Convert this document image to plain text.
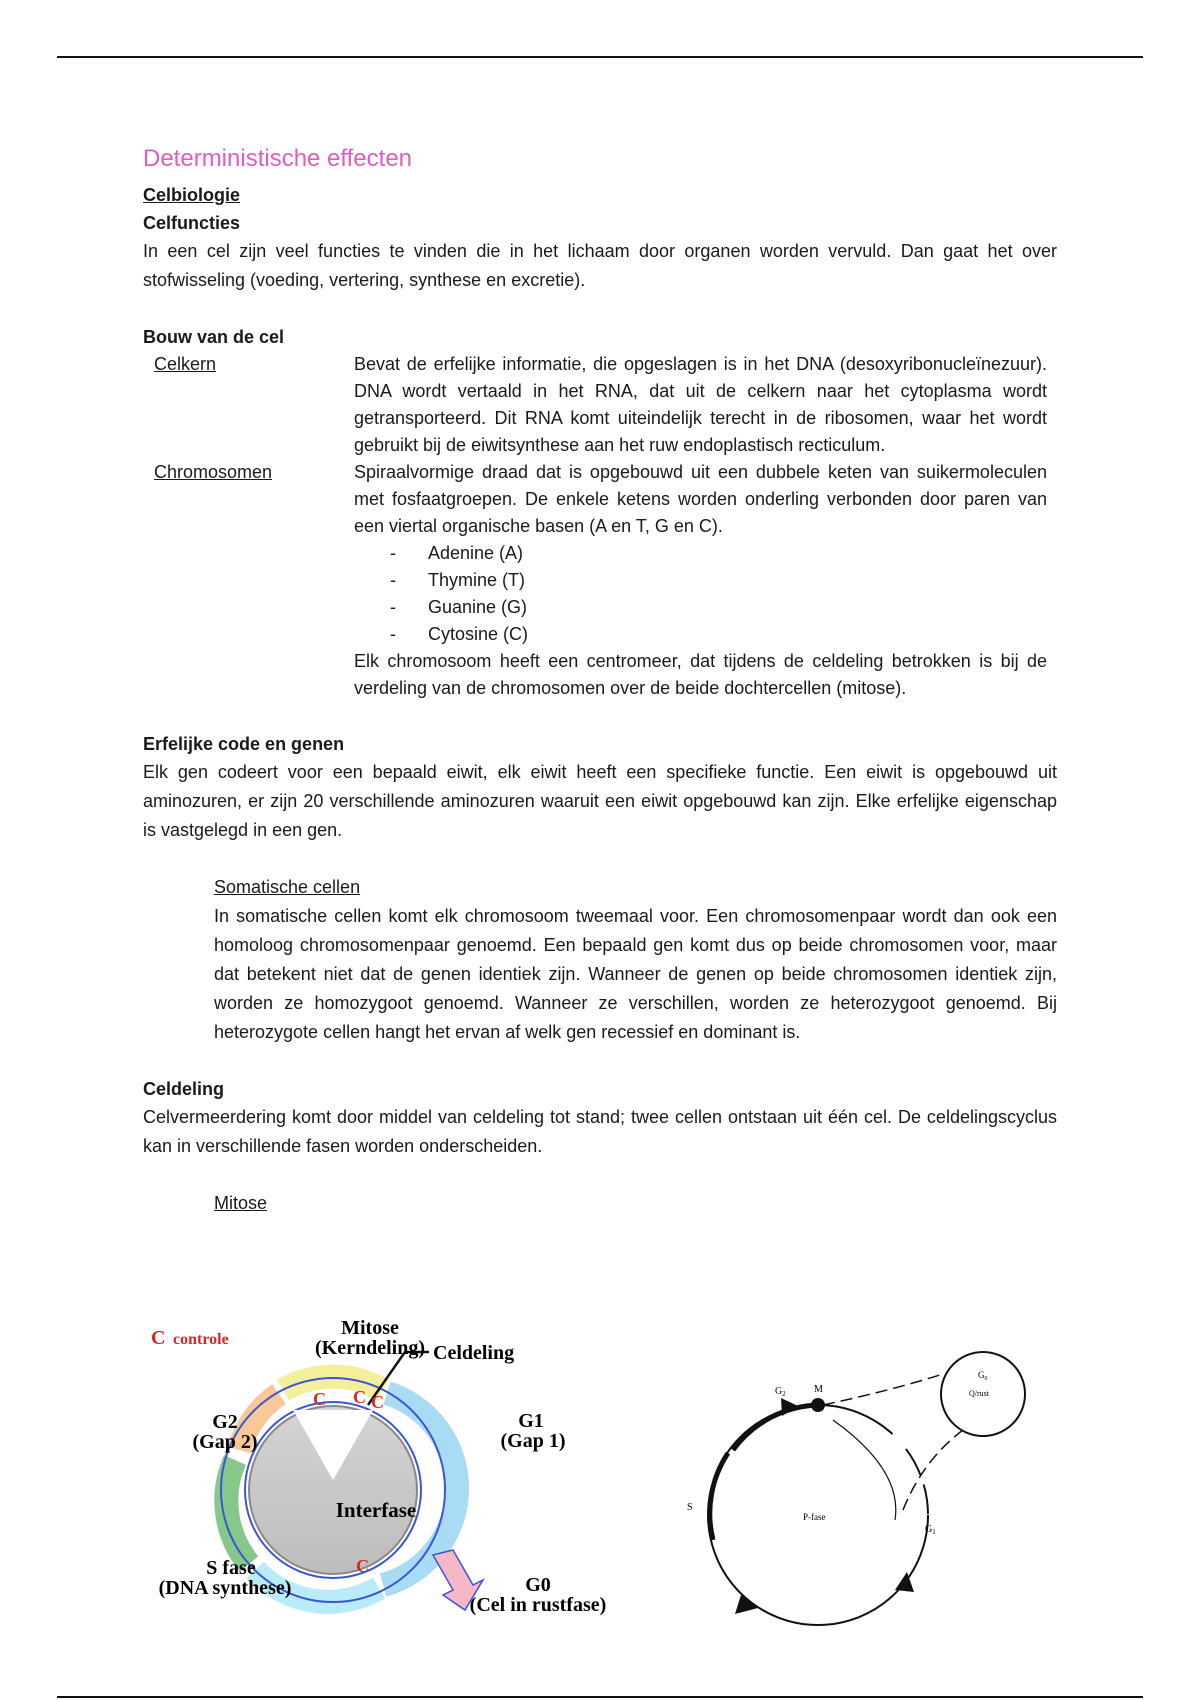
Deterministische effecten
Celbiologie
Celfuncties

In een cel zijn veel functies te vinden die in het lichaam door organen worden vervuld. Dan gaat het over stofwisseling (voeding, vertering, synthese en excretie).

Bouw van de cel
Celkern	Bevat de erfelijke informatie, die opgeslagen is in het DNA (desoxyribonucleïnezuur). DNA wordt vertaald in het RNA, dat uit de celkern naar het cytoplasma wordt getransporteerd. Dit RNA komt uiteindelijk terecht in de ribosomen, waar het wordt gebruikt bij de eiwitsynthese aan het ruw endoplastisch recticulum.
Chromosomen	Spiraalvormige draad dat is opgebouwd uit een dubbele keten van suikermoleculen met fosfaatgroepen. De enkele ketens worden onderling verbonden door paren van een viertal organische basen (A en T, G en C).
-	Adenine (A)
-	Thymine (T)
-	Guanine (G)
-	Cytosine (C)
Elk chromosoom heeft een centromeer, dat tijdens de celdeling betrokken is bij de verdeling van de chromosomen over de beide dochtercellen (mitose).
Erfelijke code en genen

Elk gen codeert voor een bepaald eiwit, elk eiwit heeft een specifieke functie. Een eiwit is opgebouwd uit aminozuren, er zijn 20 verschillende aminozuren waaruit een eiwit opgebouwd kan zijn. Elke erfelijke eigenschap is vastgelegd in een gen.

Somatische cellen

In somatische cellen komt elk chromosoom tweemaal voor. Een chromosomenpaar wordt dan ook een homoloog chromosomenpaar genoemd. Een bepaald gen komt dus op beide chromosomen voor, maar dat betekent niet dat de genen identiek zijn. Wanneer de genen op beide chromosomen identiek zijn, worden ze homozygoot genoemd. Wanneer ze verschillen, worden ze heterozygoot genoemd. Bij heterozygote cellen hangt het ervan af welk gen recessief en dominant is.

Celdeling

Celvermeerdering komt door middel van celdeling tot stand; twee cellen ontstaan uit één cel. De celdelingscyclus kan in verschillende fasen worden onderscheiden.

Mitose
C controle
C C C
C
Mitose
(Kerndeling) Celdeling
G1
(Gap 1)
G2
(Gap 2)
Interfase
S fase
(DNA synthese)	G0
(Cel in rustfase)
$G_2$	M
$G_0$
Q/rust
S
P-fase
$G_1$
